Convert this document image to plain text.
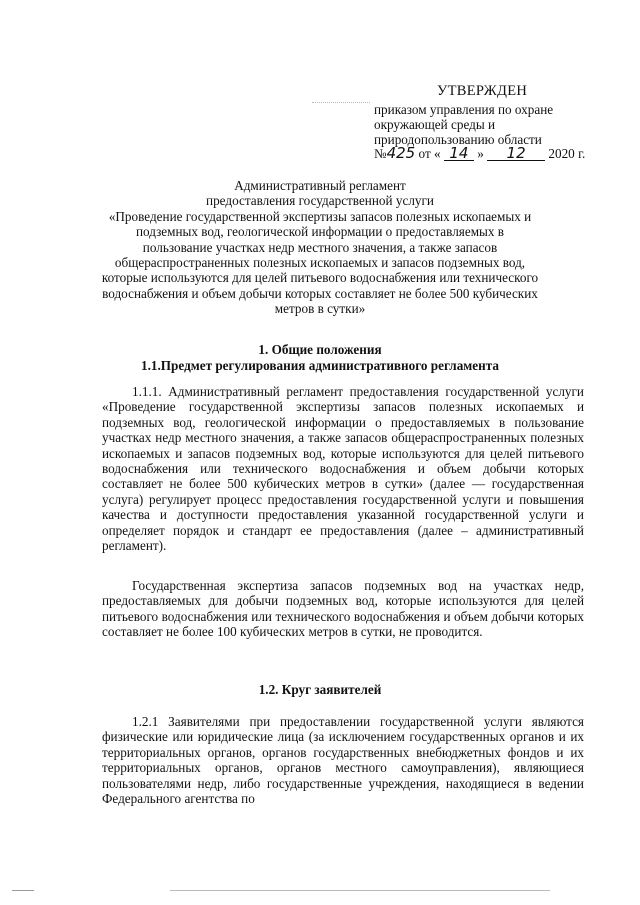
УТВЕРЖДЕН
приказом управления по охране
окружающей среды и
природопользованию области
№425 от « 14 » 12 2020 г.
Административный регламент
предоставления государственной услуги
«Проведение государственной экспертизы запасов полезных ископаемых и
подземных вод, геологической информации о предоставляемых в
пользование участках недр местного значения, а также запасов
общераспространенных полезных ископаемых и запасов подземных вод,
которые используются для целей питьевого водоснабжения или технического
водоснабжения и объем добычи которых составляет не более 500 кубических
метров в сутки»
1. Общие положения
1.1.Предмет регулирования административного регламента
1.1.1. Административный регламент предоставления государственной услуги «Проведение государственной экспертизы запасов полезных ископаемых и подземных вод, геологической информации о предоставляемых в пользование участках недр местного значения, а также запасов общераспространенных полезных ископаемых и запасов подземных вод, которые используются для целей питьевого водоснабжения или технического водоснабжения и объем добычи которых составляет не более 500 кубических метров в сутки» (далее — государственная услуга) регулирует процесс предоставления государственной услуги и повышения качества и доступности предоставления указанной государственной услуги и определяет порядок и стандарт ее предоставления (далее – административный регламент).
Государственная экспертиза запасов подземных вод на участках недр, предоставляемых для добычи подземных вод, которые используются для целей питьевого водоснабжения или технического водоснабжения и объем добычи которых составляет не более 100 кубических метров в сутки, не проводится.
1.2. Круг заявителей
1.2.1 Заявителями при предоставлении государственной услуги являются физические или юридические лица (за исключением государственных органов и их территориальных органов, органов государственных внебюджетных фондов и их территориальных органов, органов местного самоуправления), являющиеся пользователями недр, либо государственные учреждения, находящиеся в ведении Федерального агентства по
